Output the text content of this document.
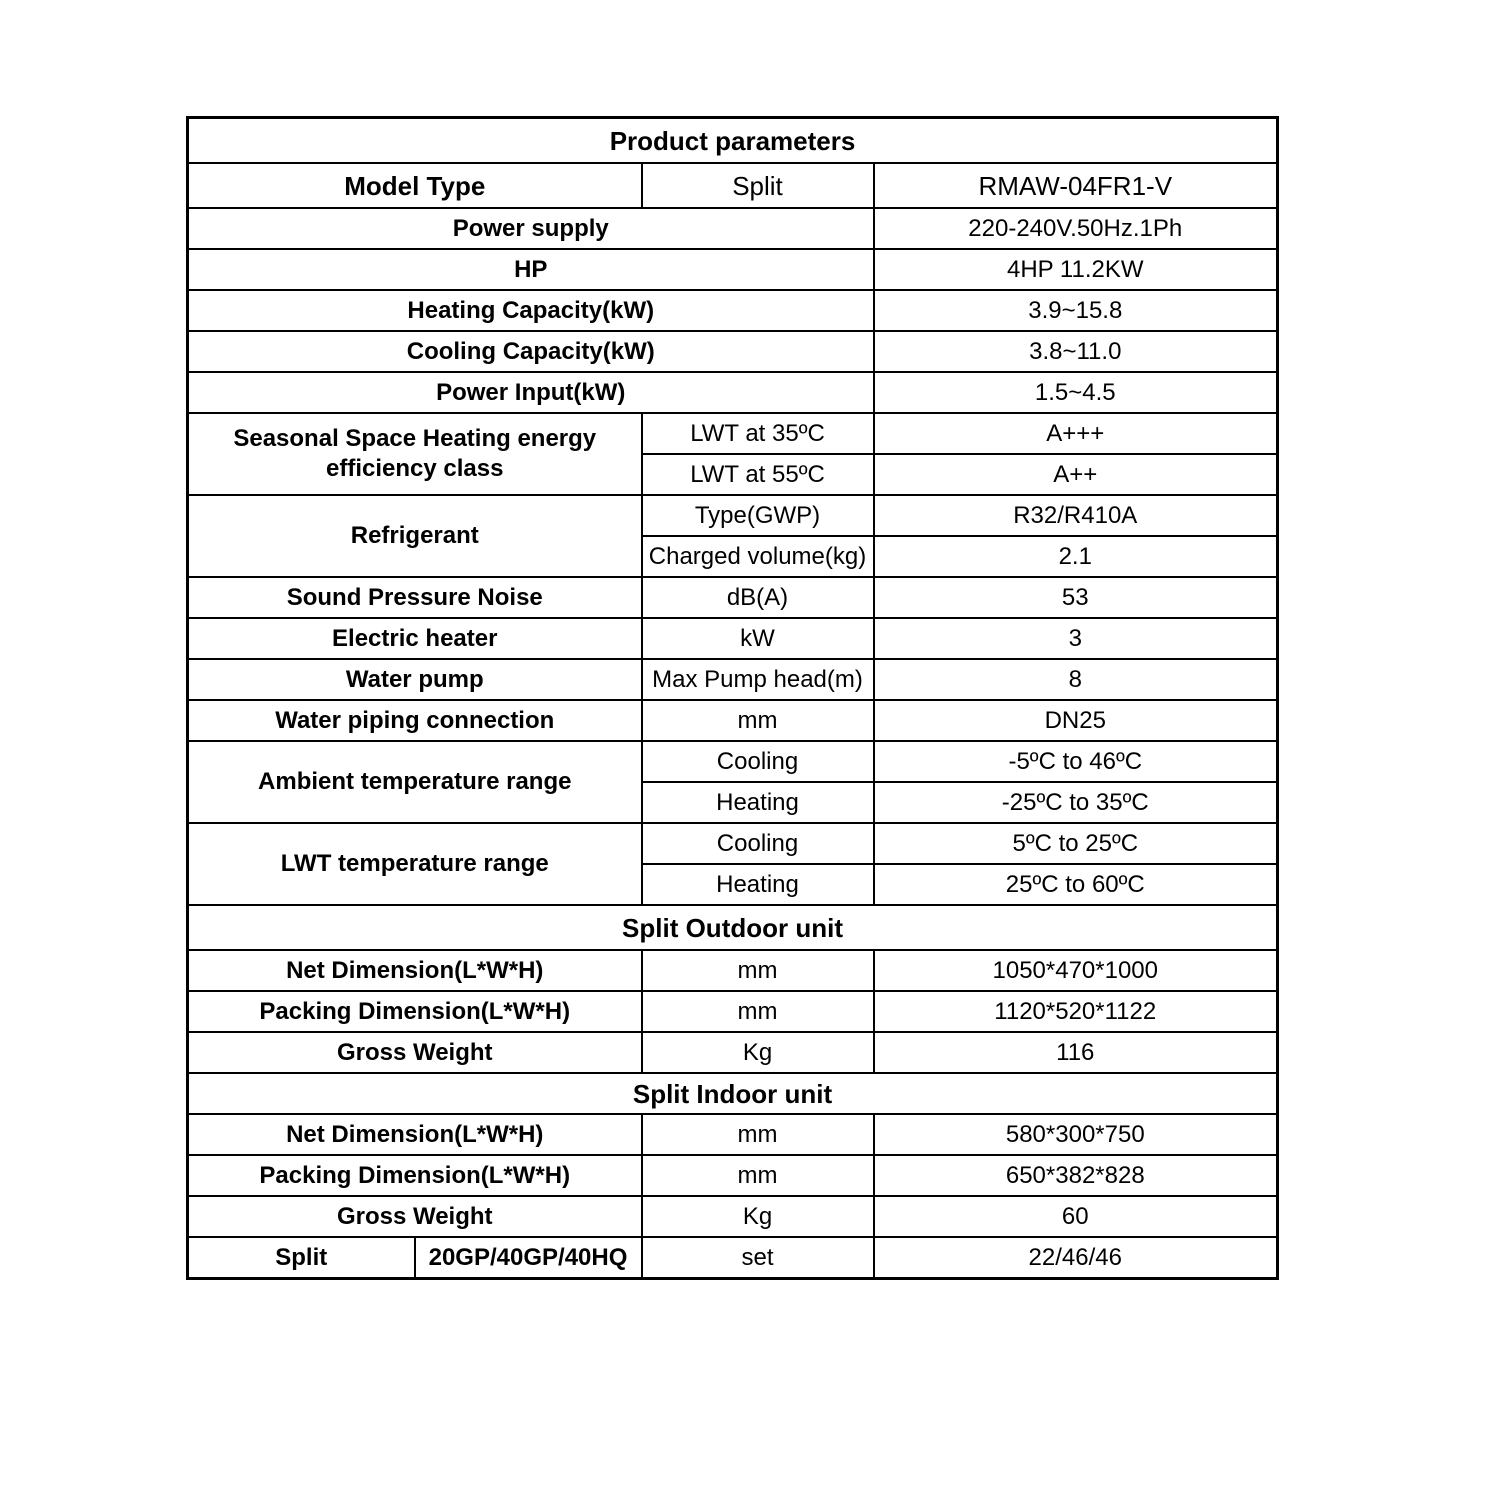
Product parameters			
Model Type		Split	RMAW-04FR1-V
Power supply			220-240V.50Hz.1Ph
HP			4HP 11.2KW
Heating Capacity(kW)			3.9~15.8
Cooling Capacity(kW)			3.8~11.0
Power Input(kW)			1.5~4.5
Seasonal Space Heating energy efficiency class		LWT at 35ºC	A+++
		LWT at 55ºC	A++
Refrigerant		Type(GWP)	R32/R410A
		Charged volume(kg)	2.1
Sound Pressure Noise		dB(A)	53
Electric heater		kW	3
Water pump		Max Pump head(m)	8
Water piping connection		mm	DN25
Ambient temperature range		Cooling	-5ºC to 46ºC
		Heating	-25ºC to 35ºC
LWT temperature range		Cooling	5ºC to 25ºC
		Heating	25ºC to 60ºC
Split Outdoor unit			
Net Dimension(L*W*H)		mm	1050*470*1000
Packing Dimension(L*W*H)		mm	1120*520*1122
Gross Weight		Kg	116
Split Indoor unit			
Net Dimension(L*W*H)		mm	580*300*750
Packing Dimension(L*W*H)		mm	650*382*828
Gross Weight		Kg	60
Split	20GP/40GP/40HQ	set	22/46/46
